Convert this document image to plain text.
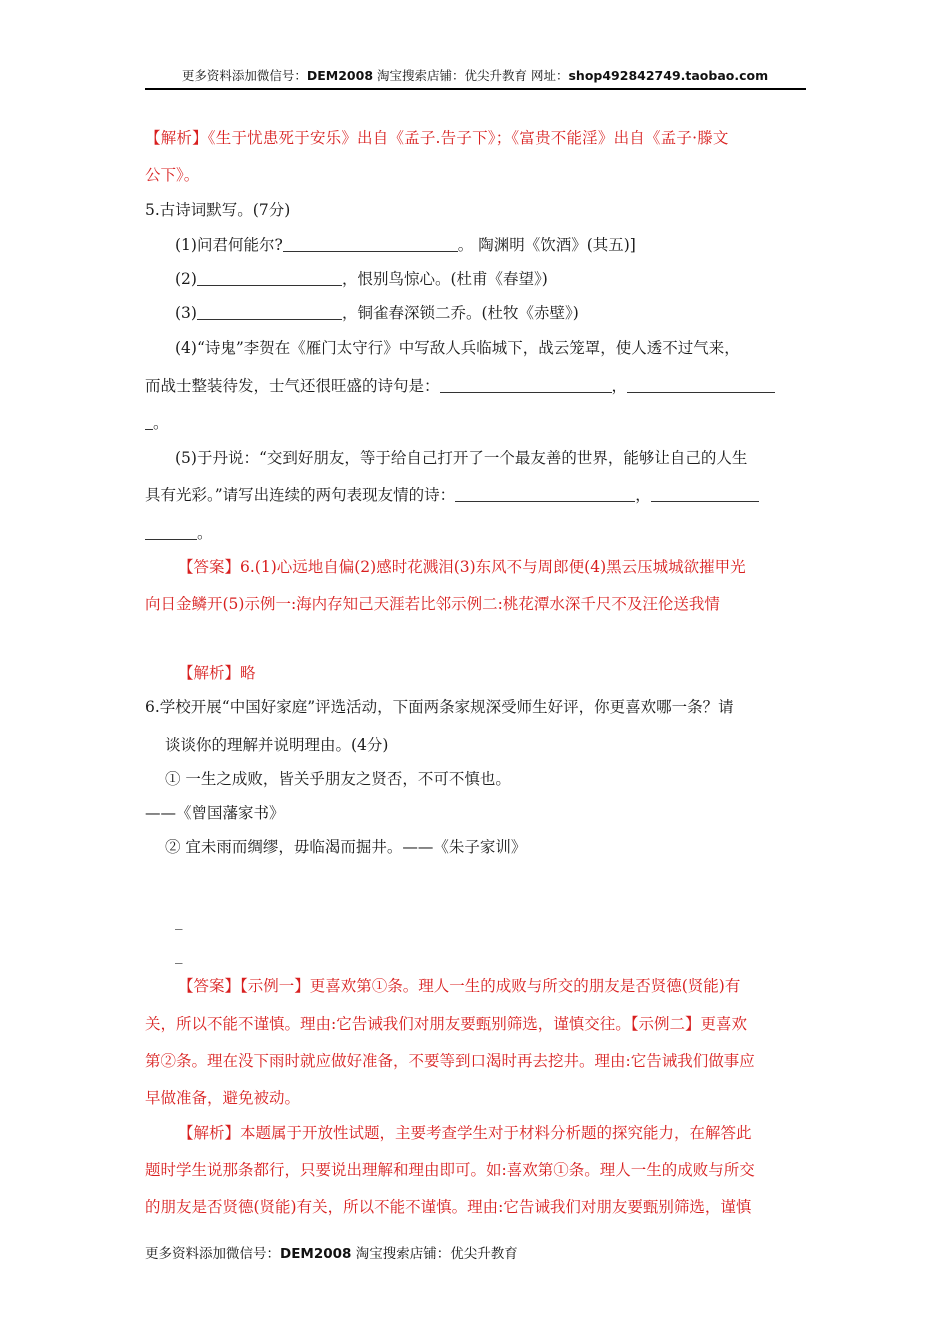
更多资料添加微信号：DEM2008 淘宝搜索店铺：优尖升教育 网址：shop492842749.taobao.com
【解析】《生于忧患死于安乐》出自《孟子.告子下》；《富贵不能淫》出自《孟子·滕文
公下》。
5.古诗词默写。(7分)
(1)问君何能尔?	。 陶渊明《饮酒》(其五)]
(2)	，恨别鸟惊心。(杜甫《春望》)
(3)	，铜雀春深锁二乔。(杜牧《赤壁》)
(4)“诗鬼”李贺在《雁门太守行》中写敌人兵临城下，战云笼罩，使人透不过气来，
而战士整装待发，士气还很旺盛的诗句是：	，
。
(5)于丹说：“交到好朋友，等于给自己打开了一个最友善的世界，能够让自己的人生
具有光彩。”请写出连续的两句表现友情的诗：	，
。
【答案】6.(1)心远地自偏(2)感时花溅泪(3)东风不与周郎便(4)黑云压城城欲摧甲光
向日金鳞开(5)示例一:海内存知己天涯若比邻示例二:桃花潭水深千尺不及汪伦送我情
【解析】略
6.学校开展“中国好家庭”评选活动，下面两条家规深受师生好评，你更喜欢哪一条？请
谈谈你的理解并说明理由。(4分)
① 一生之成败，皆关乎朋友之贤否，不可不慎也。
——《曾国藩家书》
② 宜未雨而绸缪，毋临渴而掘井。——《朱子家训》
_
_
【答案】【示例一】更喜欢第①条。理人一生的成败与所交的朋友是否贤德(贤能)有
关，所以不能不谨慎。理由:它告诫我们对朋友要甄别筛选，谨慎交往。【示例二】更喜欢
第②条。理在没下雨时就应做好准备，不要等到口渴时再去挖井。理由:它告诫我们做事应
早做准备，避免被动。
【解析】本题属于开放性试题，主要考查学生对于材料分析题的探究能力，在解答此
题时学生说那条都行，只要说出理解和理由即可。如:喜欢第①条。理人一生的成败与所交
的朋友是否贤德(贤能)有关，所以不能不谨慎。理由:它告诫我们对朋友要甄别筛选，谨慎
更多资料添加微信号：DEM2008 淘宝搜索店铺：优尖升教育
